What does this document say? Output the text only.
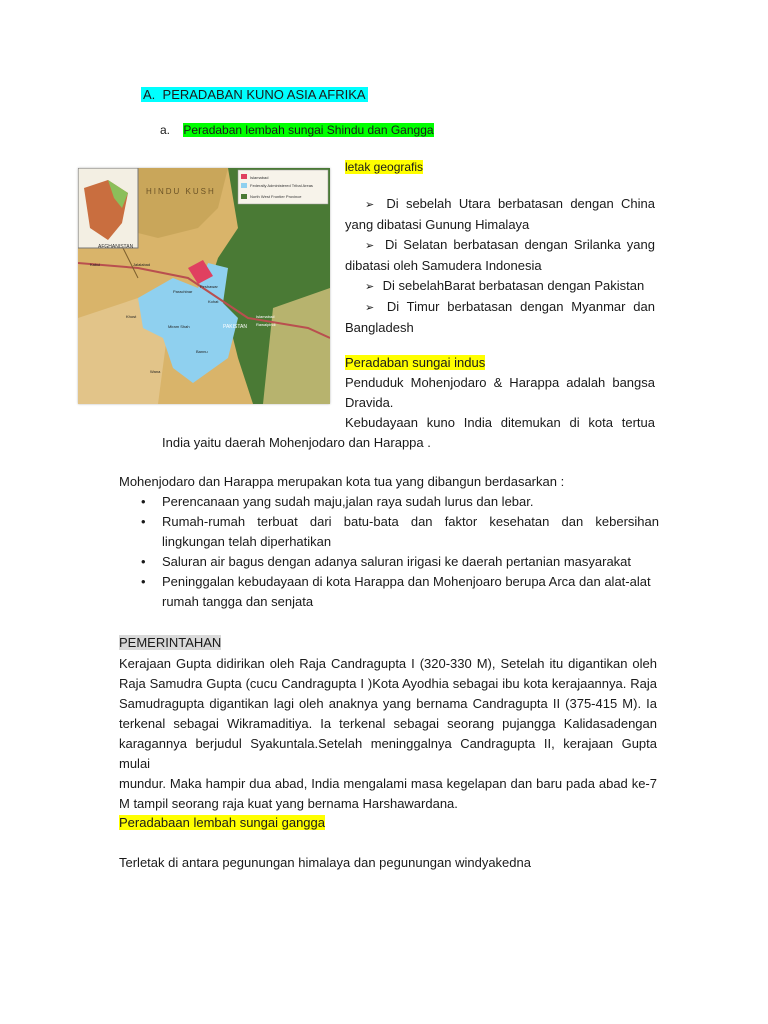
A. PERADABAN KUNO ASIA AFRIKA
a. Peradaban lembah sungai Shindu dan Gangga
Islamabad
Federally Administered Tribal Areas
North West Frontier Province
HINDU KUSH
AFGHANISTAN
PAKISTAN
Kabul	Jalalabad
Peshawar
Kohat
Parachinar
Islamabad
Rawalpindi
Bannu
Wana
Khost
Miram Shah
letak geografis
➢ Di sebelah Utara berbatasan dengan China
yang dibatasi Gunung Himalaya
➢ Di Selatan berbatasan dengan Srilanka yang
dibatasi oleh Samudera Indonesia
➢ Di sebelahBarat berbatasan dengan Pakistan
➢ Di Timur berbatasan dengan Myanmar dan
Bangladesh
Peradaban sungai indus
Penduduk Mohenjodaro & Harappa adalah bangsa
Dravida.
Kebudayaan kuno India ditemukan di kota tertua
India yaitu daerah Mohenjodaro dan Harappa .
Mohenjodaro dan Harappa merupakan kota tua yang dibangun berdasarkan :
• Perencanaan yang sudah maju,jalan raya sudah lurus dan lebar.
• Rumah-rumah terbuat dari batu-bata dan faktor kesehatan dan kebersihan
lingkungan telah diperhatikan
• Saluran air bagus dengan adanya saluran irigasi ke daerah pertanian masyarakat
• Peninggalan kebudayaan di kota Harappa dan Mohenjoaro berupa Arca dan alat-alat
rumah tangga dan senjata
PEMERINTAHAN
Kerajaan Gupta didirikan oleh Raja Candragupta I (320-330 M), Setelah itu digantikan oleh
Raja Samudra Gupta (cucu Candragupta I )Kota Ayodhia sebagai ibu kota kerajaannya. Raja
Samudragupta digantikan lagi oleh anaknya yang bernama Candragupta II (375-415 M). Ia
terkenal sebagai Wikramaditiya. Ia terkenal sebagai seorang pujangga Kalidasadengan
karagannya berjudul Syakuntala.Setelah meninggalnya Candragupta II, kerajaan Gupta mulai
mundur. Maka hampir dua abad, India mengalami masa kegelapan dan baru pada abad ke-7
M tampil seorang raja kuat yang bernama Harshawardana.
Peradabaan lembah sungai gangga
Terletak di antara pegunungan himalaya dan pegunungan windyakedna
